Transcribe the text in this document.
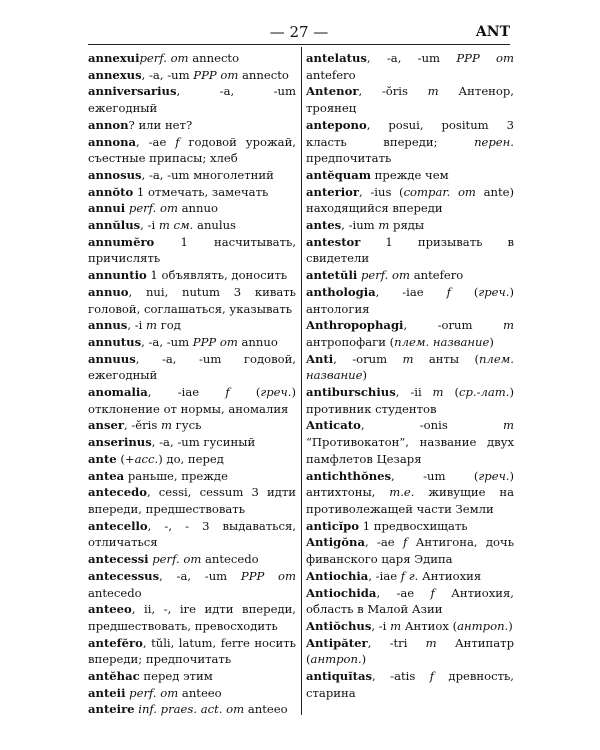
— 27 —	ANT
annexuiperf. от annecto
annexus, -a, -um PPP от annecto
anniversarius, -a, -um ежегодный
annon? или нет?
annona, -ae f годовой урожай, съестные припасы; хлеб
annosus, -a, -um многолетний
annŏto 1 отмечать, замечать
annui perf. от annuo
annŭlus, -i m см. anulus
annumĕro 1 насчитывать, причислять
annuntio 1 объявлять, доносить
annuo, nui, nutum 3 кивать головой, соглашаться, указывать
annus, -i m год
annutus, -a, -um PPP от annuo
annuus, -a, -um годовой, ежегодный
anomalia, -iae f (греч.) отклонение от нормы, аномалия
anser, -ĕris m гусь
anserinus, -a, -um гусиный
ante (+acc.) до, перед
antea раньше, прежде
antecedo, cessi, cessum 3 идти впереди, предшествовать
antecello, -, - 3 выдаваться, отличаться
antecessi perf. от antecedo
antecessus, -a, -um PPP от antecedo
anteeo, ii, -, ire идти впереди, предшествовать, превосходить
antefĕro, tŭli, latum, ferre носить впереди; предпочитать
antĕhac перед этим
anteii perf. от anteeo
anteire inf. praes. act. от anteeo
antelatus, -a, -um PPP от antefero
Antenor, -ŏris m Антенор, троянец
antepono, posui, positum 3 класть впереди; перен. предпочитать
antĕquam прежде чем
anterior, -ius (compar. от ante) находящийся впереди
antes, -ium m ряды
antestor 1 призывать в свидетели
antetŭli perf. от antefero
anthologia, -iae f (греч.) антология
Anthropophagi, -orum m антропофаги (плем. название)
Anti, -orum m анты (плем. название)
antiburschius, -ii m (ср.-лат.) противник студентов
Anticato, -onis m “Противокатон”, название двух памфлетов Цезаря
antichthŏnes, -um (греч.) антихтоны, т.е. живущие на противолежащей части Земли
anticĭpo 1 предвосхищать
Antigŏna, -ae f Антигона, дочь фиванского царя Эдипа
Antiochia, -iae f г. Антиохия
Antiochida, -ae f Антиохия, область в Малой Азии
Antiŏchus, -i m Антиох (антроп.)
Antipăter, -tri m Антипатр (антроп.)
antiquĭtas, -atis f древность, старина
